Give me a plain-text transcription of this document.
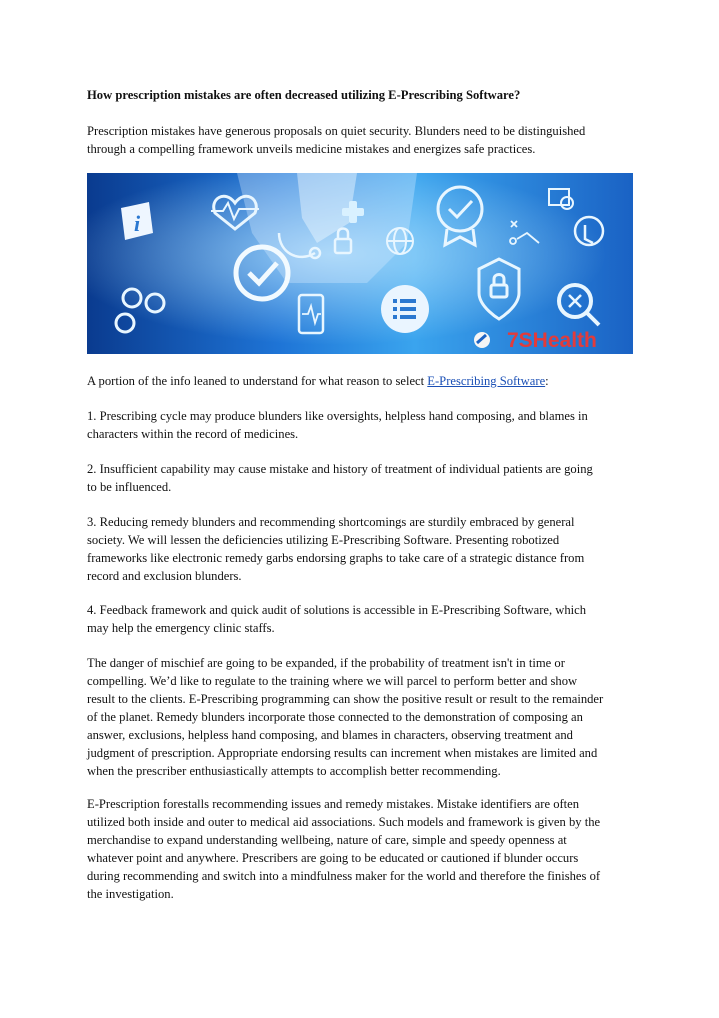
How prescription mistakes are often decreased utilizing E-Prescribing Software?

Prescription mistakes have generous proposals on quiet security. Blunders need to be distinguished
through a compelling framework unveils medicine mistakes and energizes safe practices.

i
7SHealth

A portion of the info leaned to understand for what reason to select E-Prescribing Software:

1. Prescribing cycle may produce blunders like oversights, helpless hand composing, and blames in
characters within the record of medicines.

2. Insufficient capability may cause mistake and history of treatment of individual patients are going
to be influenced.

3. Reducing remedy blunders and recommending shortcomings are sturdily embraced by general
society. We will lessen the deficiencies utilizing E-Prescribing Software. Presenting robotized
frameworks like electronic remedy garbs endorsing graphs to take care of a strategic distance from
record and exclusion blunders.

4. Feedback framework and quick audit of solutions is accessible in E-Prescribing Software, which
may help the emergency clinic staffs.

The danger of mischief are going to be expanded, if the probability of treatment isn't in time or
compelling. We’d like to regulate to the training where we will parcel to perform better and show
result to the clients. E-Prescribing programming can show the positive result or result to the remainder
of the planet. Remedy blunders incorporate those connected to the demonstration of composing an
answer, exclusions, helpless hand composing, and blames in characters, observing treatment and
judgment of prescription. Appropriate endorsing results can increment when mistakes are limited and
when the prescriber enthusiastically attempts to accomplish better recommending.

E-Prescription forestalls recommending issues and remedy mistakes. Mistake identifiers are often
utilized both inside and outer to medical aid associations. Such models and framework is given by the
merchandise to expand understanding wellbeing, nature of care, simple and speedy openness at
whatever point and anywhere. Prescribers are going to be educated or cautioned if blunder occurs
during recommending and switch into a mindfulness maker for the world and therefore the finishes of
the investigation.
